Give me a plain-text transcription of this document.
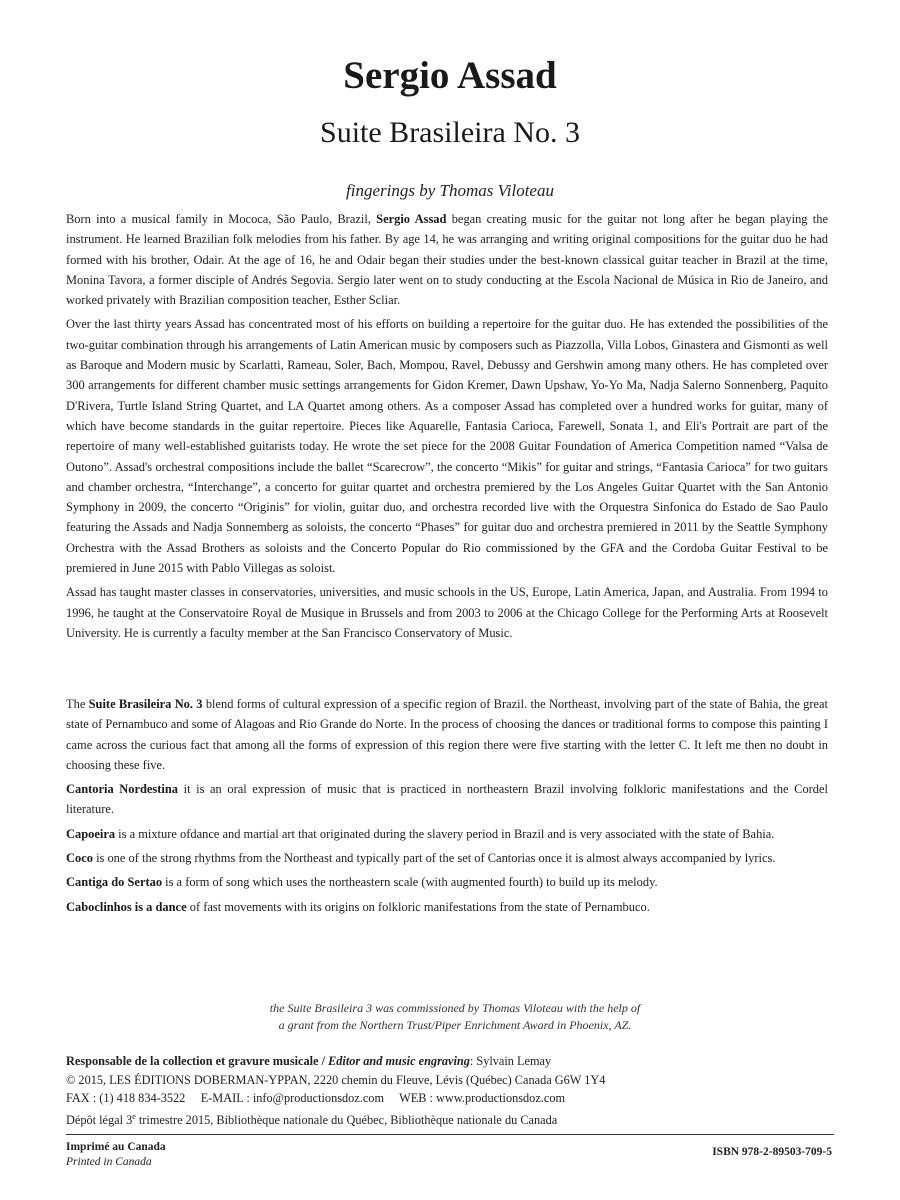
Sergio Assad
Suite Brasileira No. 3
fingerings by Thomas Viloteau

Born into a musical family in Mococa, São Paulo, Brazil, Sergio Assad began creating music for the guitar not long after he began playing the instrument. He learned Brazilian folk melodies from his father. By age 14, he was arranging and writing original compositions for the guitar duo he had formed with his brother, Odair. At the age of 16, he and Odair began their studies under the best-known classical guitar teacher in Brazil at the time, Monina Tavora, a former disciple of Andrés Segovia. Sergio later went on to study conducting at the Escola Nacional de Música in Rio de Janeiro, and worked privately with Brazilian composition teacher, Esther Scliar.

Over the last thirty years Assad has concentrated most of his efforts on building a repertoire for the guitar duo. He has extended the possibilities of the two-guitar combination through his arrangements of Latin American music by composers such as Piazzolla, Villa Lobos, Ginastera and Gismonti as well as Baroque and Modern music by Scarlatti, Rameau, Soler, Bach, Mompou, Ravel, Debussy and Gershwin among many others. He has completed over 300 arrangements for different chamber music settings arrangements for Gidon Kremer, Dawn Upshaw, Yo-Yo Ma, Nadja Salerno Sonnenberg, Paquito D'Rivera, Turtle Island String Quartet, and LA Quartet among others. As a composer Assad has completed over a hundred works for guitar, many of which have become standards in the guitar repertoire. Pieces like Aquarelle, Fantasia Carioca, Farewell, Sonata 1, and Eli's Portrait are part of the repertoire of many well-established guitarists today. He wrote the set piece for the 2008 Guitar Foundation of America Competition named “Valsa de Outono”. Assad's orchestral compositions include the ballet “Scarecrow”, the concerto “Mikis” for guitar and strings, “Fantasia Carioca” for two guitars and chamber orchestra, “Interchange”, a concerto for guitar quartet and orchestra premiered by the Los Angeles Guitar Quartet with the San Antonio Symphony in 2009, the concerto “Originis” for violin, guitar duo, and orchestra recorded live with the Orquestra Sinfonica do Estado de Sao Paulo featuring the Assads and Nadja Sonnemberg as soloists, the concerto “Phases” for guitar duo and orchestra premiered in 2011 by the Seattle Symphony Orchestra with the Assad Brothers as soloists and the Concerto Popular do Rio commissioned by the GFA and the Cordoba Guitar Festival to be premiered in June 2015 with Pablo Villegas as soloist.

Assad has taught master classes in conservatories, universities, and music schools in the US, Europe, Latin America, Japan, and Australia. From 1994 to 1996, he taught at the Conservatoire Royal de Musique in Brussels and from 2003 to 2006 at the Chicago College for the Performing Arts at Roosevelt University. He is currently a faculty member at the San Francisco Conservatory of Music.

The Suite Brasileira No. 3 blend forms of cultural expression of a specific region of Brazil. the Northeast, involving part of the state of Bahia, the great state of Pernambuco and some of Alagoas and Rio Grande do Norte. In the process of choosing the dances or traditional forms to compose this painting I came across the curious fact that among all the forms of expression of this region there were five starting with the letter C. It left me then no doubt in choosing these five.

Cantoria Nordestina it is an oral expression of music that is practiced in northeastern Brazil involving folkloric manifestations and the Cordel literature.

Capoeira is a mixture ofdance and martial art that originated during the slavery period in Brazil and is very associated with the state of Bahia.

Coco is one of the strong rhythms from the Northeast and typically part of the set of Cantorias once it is almost always accompanied by lyrics.

Cantiga do Sertao is a form of song which uses the northeastern scale (with augmented fourth) to build up its melody.

Caboclinhos is a dance of fast movements with its origins on folkloric manifestations from the state of Pernambuco.

the Suite Brasileira 3 was commissioned by Thomas Viloteau with the help of
a grant from the Northern Trust/Piper Enrichment Award in Phoenix, AZ.
Responsable de la collection et gravure musicale / Editor and music engraving: Sylvain Lemay
© 2015, LES ÉDITIONS DOBERMAN-YPPAN, 2220 chemin du Fleuve, Lévis (Québec) Canada G6W 1Y4
FAX : (1) 418 834-3522     E-MAIL : info@productionsdoz.com     WEB : www.productionsdoz.com
Dépôt légal 3e trimestre 2015, Bibliothèque nationale du Québec, Bibliothèque nationale du Canada
Imprimé au Canada
Printed in Canada
ISBN 978-2-89503-709-5
